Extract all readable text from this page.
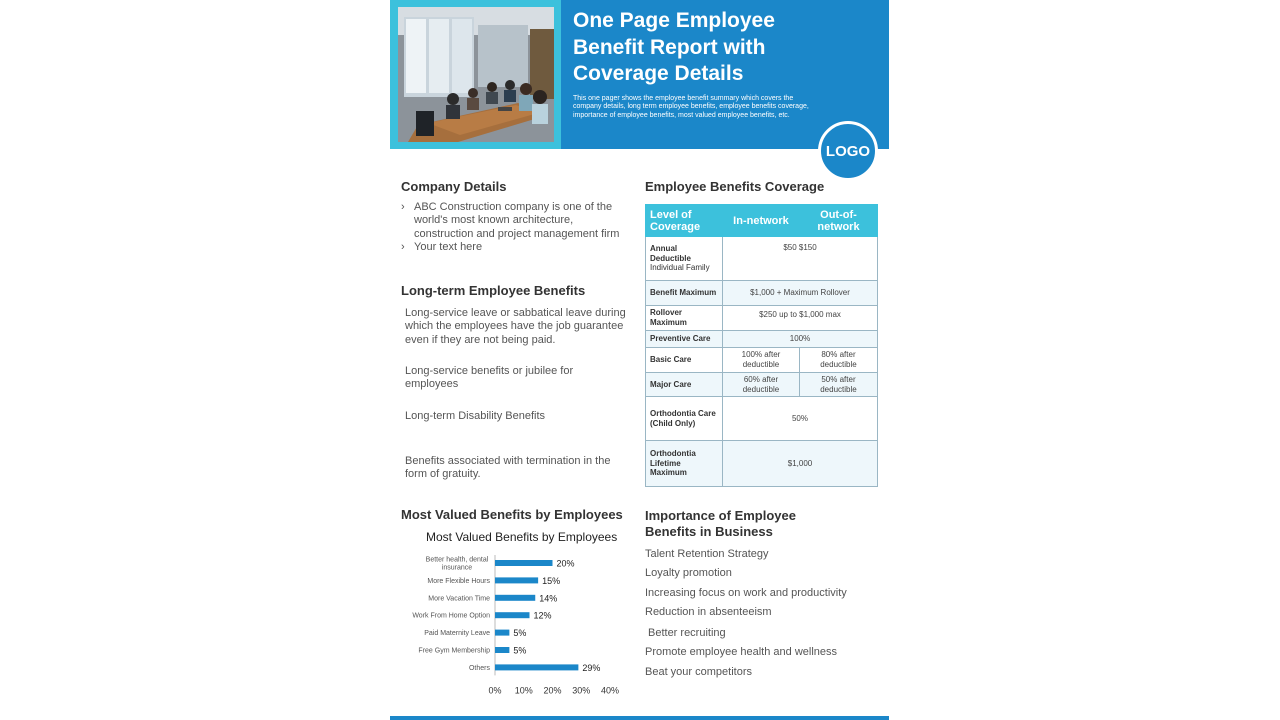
One Page Employee
Benefit Report with
Coverage Details
This one pager shows the employee benefit summary which covers the
company details, long term employee benefits, employee benefits coverage,
importance of employee benefits, most valued employee benefits, etc.
LOGO
Company Details
› ABC Construction company is one of the world's most known architecture, construction and project management firm
› Your text here
Long-term Employee Benefits
Long-service leave or sabbatical leave during which the employees have the job guarantee even if they are not being paid.
Long-service benefits or jubilee for employees
Long-term Disability Benefits
Benefits associated with termination in the form of gratuity.
Employee Benefits Coverage
Level of Coverage	In-network	Out-of-network

Annual Deductible
Individual Family	$50 $150	

Benefit Maximum	$1,000 + Maximum Rollover	
Rollover Maximum	$250 up to $1,000 max	
Preventive Care	100%	
Basic Care	100% after deductible	80% after deductible
Major Care	60% after deductible	50% after deductible
Orthodontia Care (Child Only)	50%	
Orthodontia Lifetime Maximum	$1,000	
Most Valued Benefits by Employees
Most Valued Benefits by Employees
20%
Better health, dental
insurance
15%
More Flexible Hours
14%
More Vacation Time
12%
Work From Home Option
5%
Paid Maternity Leave
5%
Free Gym Membership
29%
Others
0% 10% 20% 30% 40%
Importance of Employee
Benefits in Business
Talent Retention Strategy
Loyalty promotion
Increasing focus on work and productivity
Reduction in absenteeism
Better recruiting
Promote employee health and wellness
Beat your competitors
